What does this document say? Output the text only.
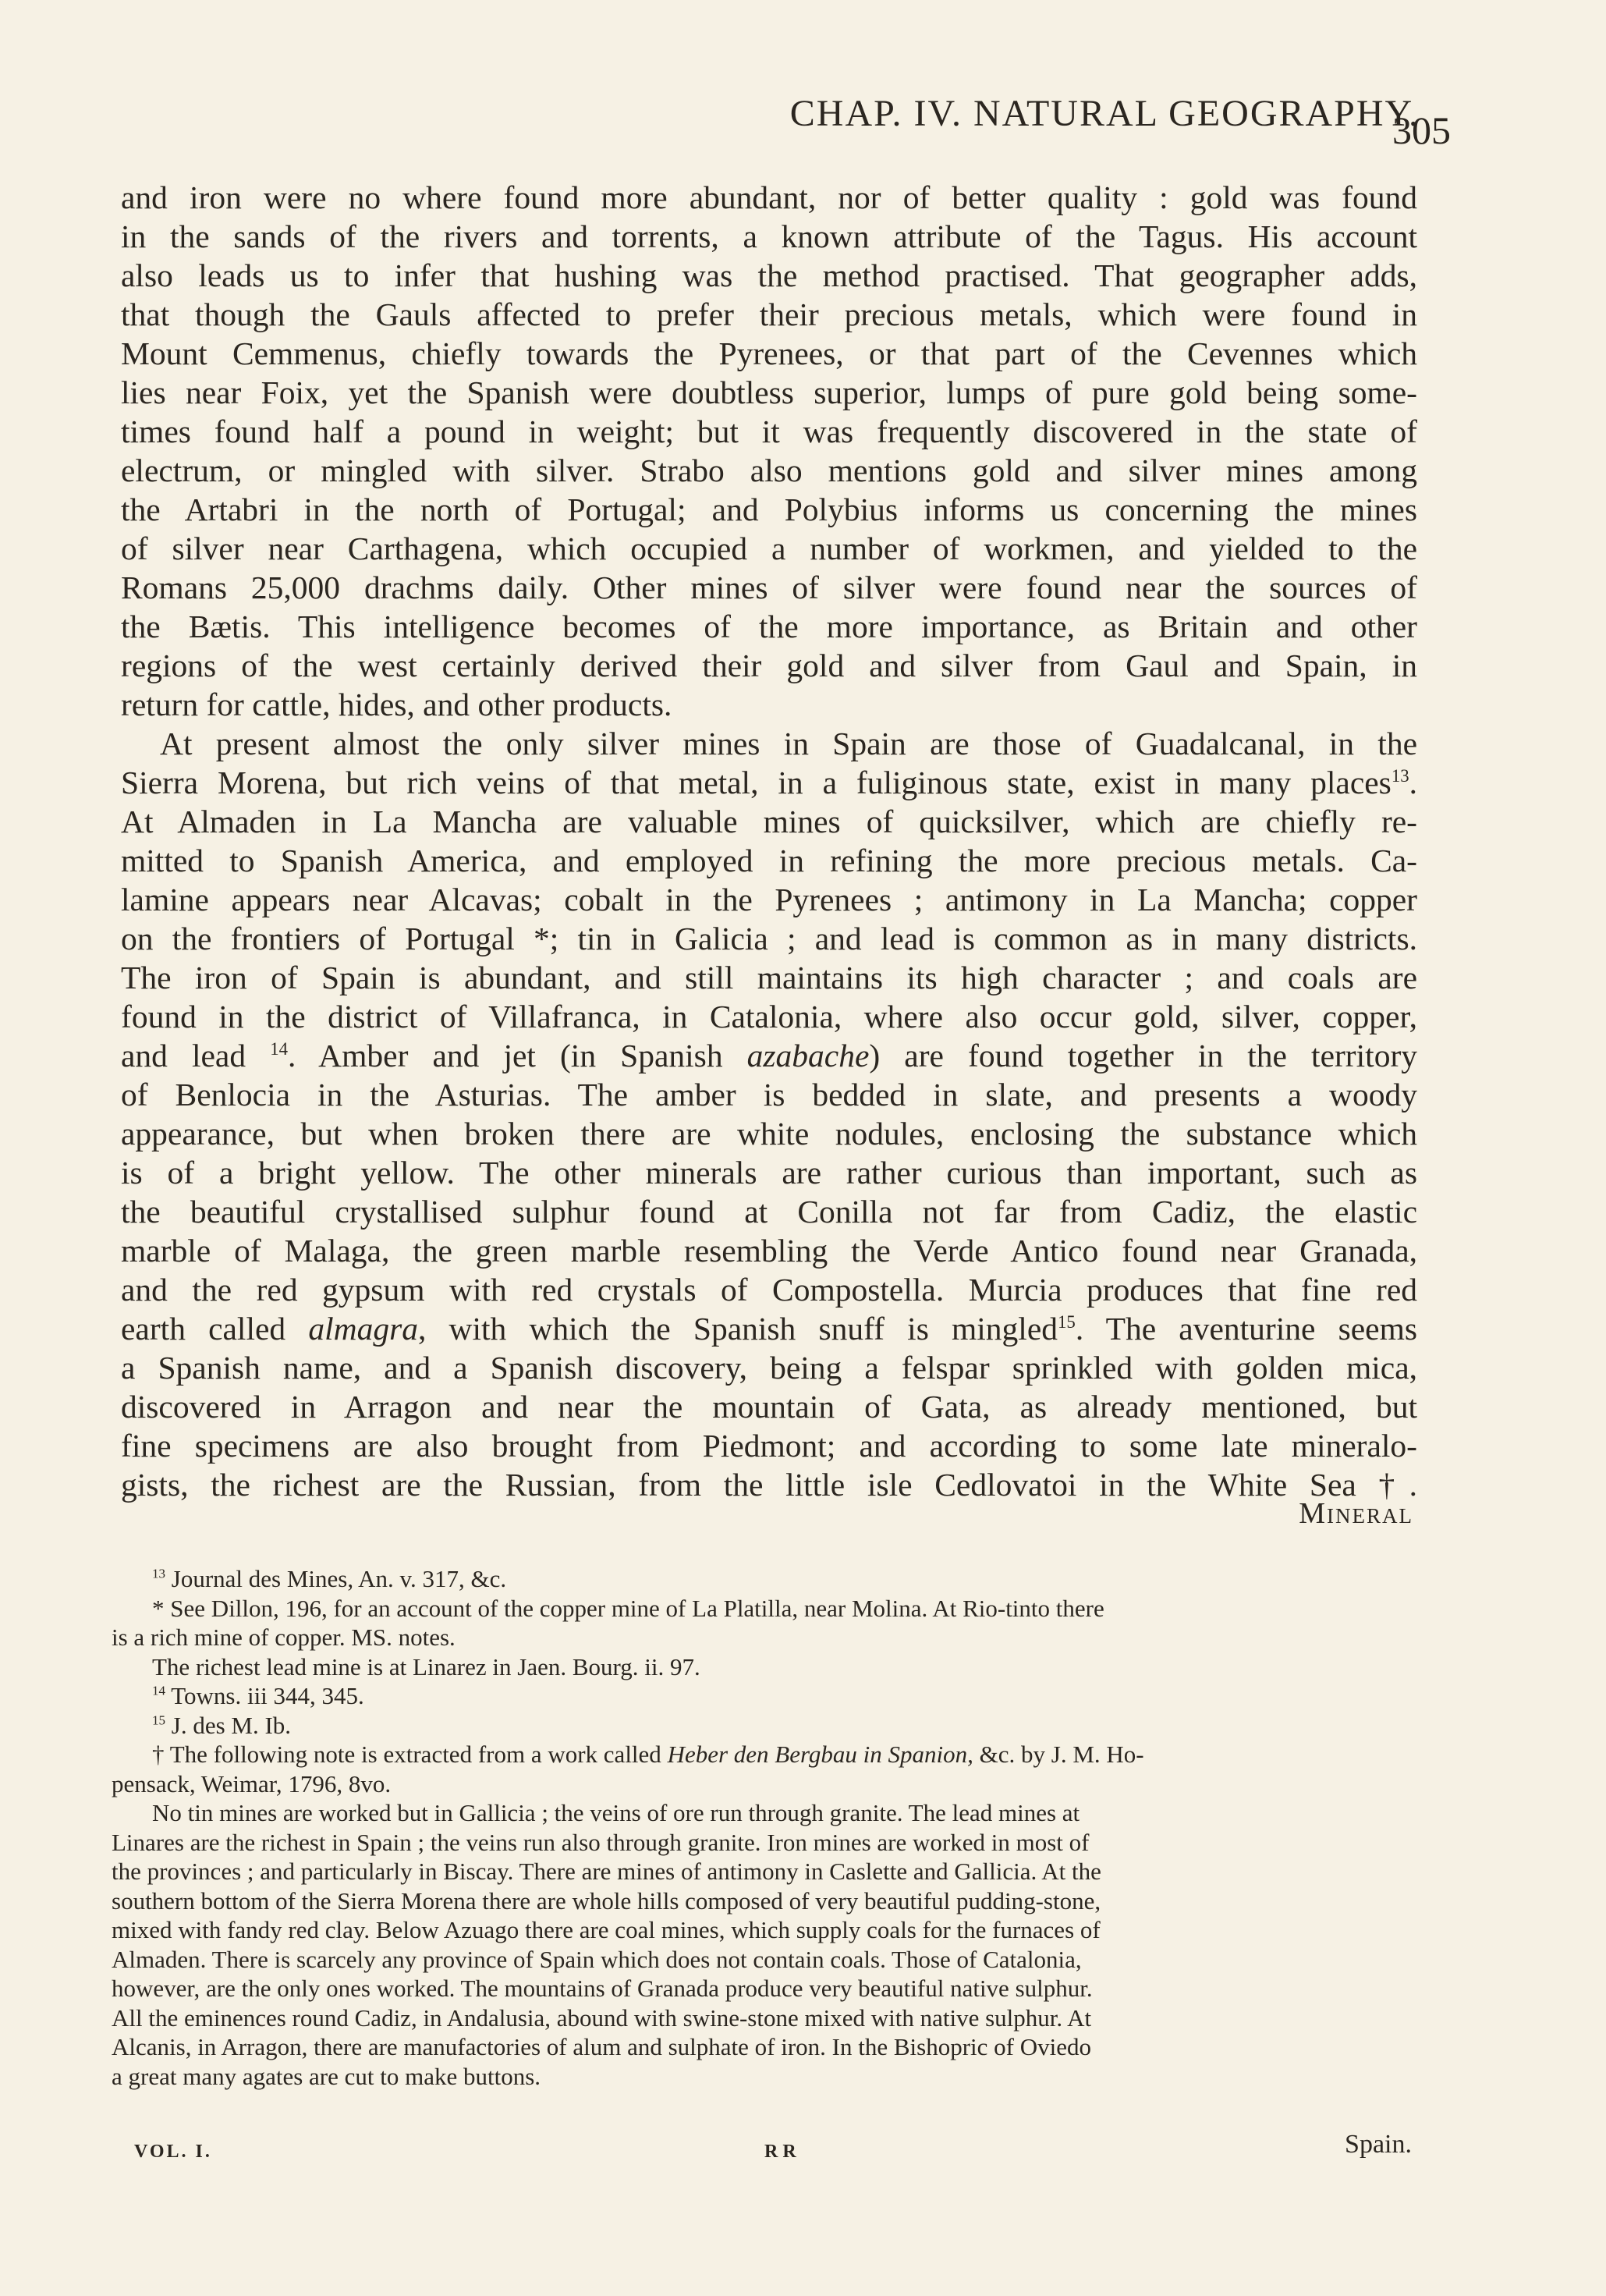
CHAP. IV. NATURAL GEOGRAPHY.
305
and iron were no where found more abundant, nor of better quality : gold was found
in the sands of the rivers and torrents, a known attribute of the Tagus. His account
also leads us to infer that hushing was the method practised. That geographer adds,
that though the Gauls affected to prefer their precious metals, which were found in
Mount Cemmenus, chiefly towards the Pyrenees, or that part of the Cevennes which
lies near Foix, yet the Spanish were doubtless superior, lumps of pure gold being some-
times found half a pound in weight; but it was frequently discovered in the state of
electrum, or mingled with silver. Strabo also mentions gold and silver mines among
the Artabri in the north of Portugal; and Polybius informs us concerning the mines
of silver near Carthagena, which occupied a number of workmen, and yielded to the
Romans 25,000 drachms daily. Other mines of silver were found near the sources of
the Bætis. This intelligence becomes of the more importance, as Britain and other
regions of the west certainly derived their gold and silver from Gaul and Spain, in
return for cattle, hides, and other products.
At present almost the only silver mines in Spain are those of Guadalcanal, in the
Sierra Morena, but rich veins of that metal, in a fuliginous state, exist in many places$^{13}$.
At Almaden in La Mancha are valuable mines of quicksilver, which are chiefly re-
mitted to Spanish America, and employed in refining the more precious metals. Ca-
lamine appears near Alcavas; cobalt in the Pyrenees ; antimony in La Mancha; copper
on the frontiers of Portugal *; tin in Galicia ; and lead is common as in many districts.
The iron of Spain is abundant, and still maintains its high character ; and coals are
found in the district of Villafranca, in Catalonia, where also occur gold, silver, copper,
and lead $^{14}$. Amber and jet (in Spanish azabache) are found together in the territory
of Benlocia in the Asturias. The amber is bedded in slate, and presents a woody
appearance, but when broken there are white nodules, enclosing the substance which
is of a bright yellow. The other minerals are rather curious than important, such as
the beautiful crystallised sulphur found at Conilla not far from Cadiz, the elastic
marble of Malaga, the green marble resembling the Verde Antico found near Granada,
and the red gypsum with red crystals of Compostella. Murcia produces that fine red
earth called almagra, with which the Spanish snuff is mingled$^{15}$. The aventurine seems
a Spanish name, and a Spanish discovery, being a felspar sprinkled with golden mica,
discovered in Arragon and near the mountain of Gata, as already mentioned, but
fine specimens are also brought from Piedmont; and according to some late mineralo-
gists, the richest are the Russian, from the little isle Cedlovatoi in the White Sea †.
Mineral
$^{13}$ Journal des Mines, An. v. 317, &c.
* See Dillon, 196, for an account of the copper mine of La Platilla, near Molina. At Rio-tinto there
is a rich mine of copper. MS. notes.
The richest lead mine is at Linarez in Jaen. Bourg. ii. 97.
$^{14}$ Towns. iii 344, 345.
$^{15}$ J. des M. Ib.
† The following note is extracted from a work called Heber den Bergbau in Spanion, &c. by J. M. Ho-
pensack, Weimar, 1796, 8vo.
No tin mines are worked but in Gallicia ; the veins of ore run through granite. The lead mines at
Linares are the richest in Spain ; the veins run also through granite. Iron mines are worked in most of
the provinces ; and particularly in Biscay. There are mines of antimony in Caslette and Gallicia. At the
southern bottom of the Sierra Morena there are whole hills composed of very beautiful pudding-stone,
mixed with fandy red clay. Below Azuago there are coal mines, which supply coals for the furnaces of
Almaden. There is scarcely any province of Spain which does not contain coals. Those of Catalonia,
however, are the only ones worked. The mountains of Granada produce very beautiful native sulphur.
All the eminences round Cadiz, in Andalusia, abound with swine-stone mixed with native sulphur. At
Alcanis, in Arragon, there are manufactories of alum and sulphate of iron. In the Bishopric of Oviedo
a great many agates are cut to make buttons.
VOL. I.	R R	Spain.
